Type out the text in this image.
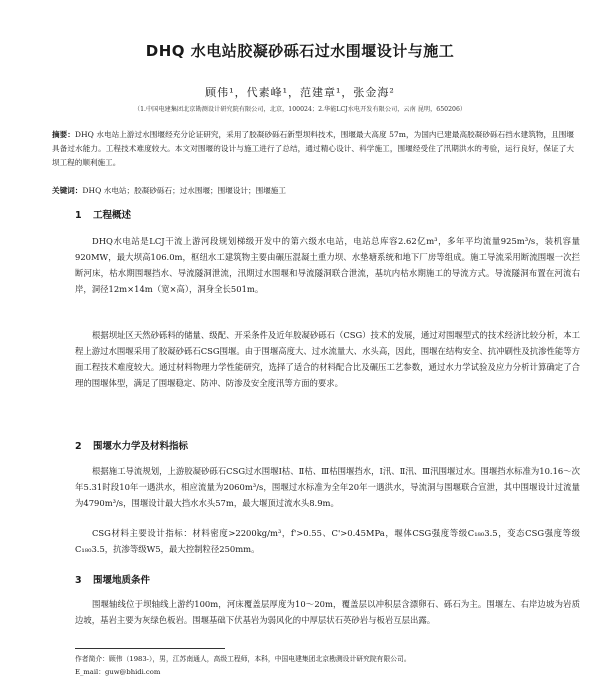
DHQ 水电站胶凝砂砾石过水围堰设计与施工
顾伟¹，代素峰¹，范建章¹，张金海²
（1.中国电建集团北京勘测设计研究院有限公司，北京，100024；2.华能LCJ水电开发有限公司，云南 昆明，650206）

摘要：DHQ 水电站上游过水围堰经充分论证研究，采用了胶凝砂砾石新型坝料技术，围堰最大高度 57m，为国内已建最高胶凝砂砾石挡水建筑物，且围堰具备过水能力。工程技术难度较大。本文对围堰的设计与施工进行了总结，通过精心设计、科学施工，围堰经受住了汛期洪水的考验，运行良好，保证了大坝工程的顺利施工。

关键词：DHQ 水电站；胶凝砂砾石；过水围堰；围堰设计；围堰施工

1 工程概述

DHQ水电站是LCJ干流上游河段规划梯级开发中的第六级水电站，电站总库容2.62亿m³，多年平均流量925m³/s，装机容量920MW，最大坝高106.0m，枢纽水工建筑物主要由碾压混凝土重力坝、水垫塘系统和地下厂房等组成。施工导流采用断流围堰一次拦断河床，枯水期围堰挡水、导流隧洞泄流，汛期过水围堰和导流隧洞联合泄流，基坑内枯水期施工的导流方式。导流隧洞布置在河流右岸，洞径12m×14m（宽×高），洞身全长501m。

根据坝址区天然砂砾料的储量、级配、开采条件及近年胶凝砂砾石（CSG）技术的发展，通过对围堰型式的技术经济比较分析，本工程上游过水围堰采用了胶凝砂砾石CSG围堰。由于围堰高度大、过水流量大、水头高，因此，围堰在结构安全、抗冲刷性及抗渗性能等方面工程技术难度较大。通过材料物理力学性能研究，选择了适合的材料配合比及碾压工艺参数，通过水力学试验及应力分析计算确定了合理的围堰体型，满足了围堰稳定、防冲、防渗及安全度汛等方面的要求。

2 围堰水力学及材料指标

根据施工导流规划，上游胶凝砂砾石CSG过水围堰Ⅰ枯、Ⅱ枯、Ⅲ枯围堰挡水，Ⅰ汛、Ⅱ汛、Ⅲ汛围堰过水。围堰挡水标准为10.16～次年5.31时段10年一遇洪水，相应流量为2060m³/s，围堰过水标准为全年20年一遇洪水，导流洞与围堰联合宣泄，其中围堰设计过流量为4790m³/s，围堰设计最大挡水水头57m，最大堰顶过流水头8.9m。

CSG材料主要设计指标：材料密度>2200kg/m³，f'>0.55、C'>0.45MPa，堰体CSG强度等级C₁₈₀3.5，变态CSG强度等级C₁₈₀3.5，抗渗等级W5，最大控制粒径250mm。

3 围堰地质条件

围堰轴线位于坝轴线上游约100m，河床覆盖层厚度为10～20m，覆盖层以冲积层含漂卵石、砾石为主。围堰左、右岸边坡为岩质边坡，基岩主要为灰绿色板岩。围堰基础下伏基岩为弱风化的中厚层状石英砂岩与板岩互层出露。

作者简介：顾伟（1983-），男，江苏南通人，高级工程师，本科，中国电建集团北京勘测设计研究院有限公司。
E_mail：guw@bhidi.com
